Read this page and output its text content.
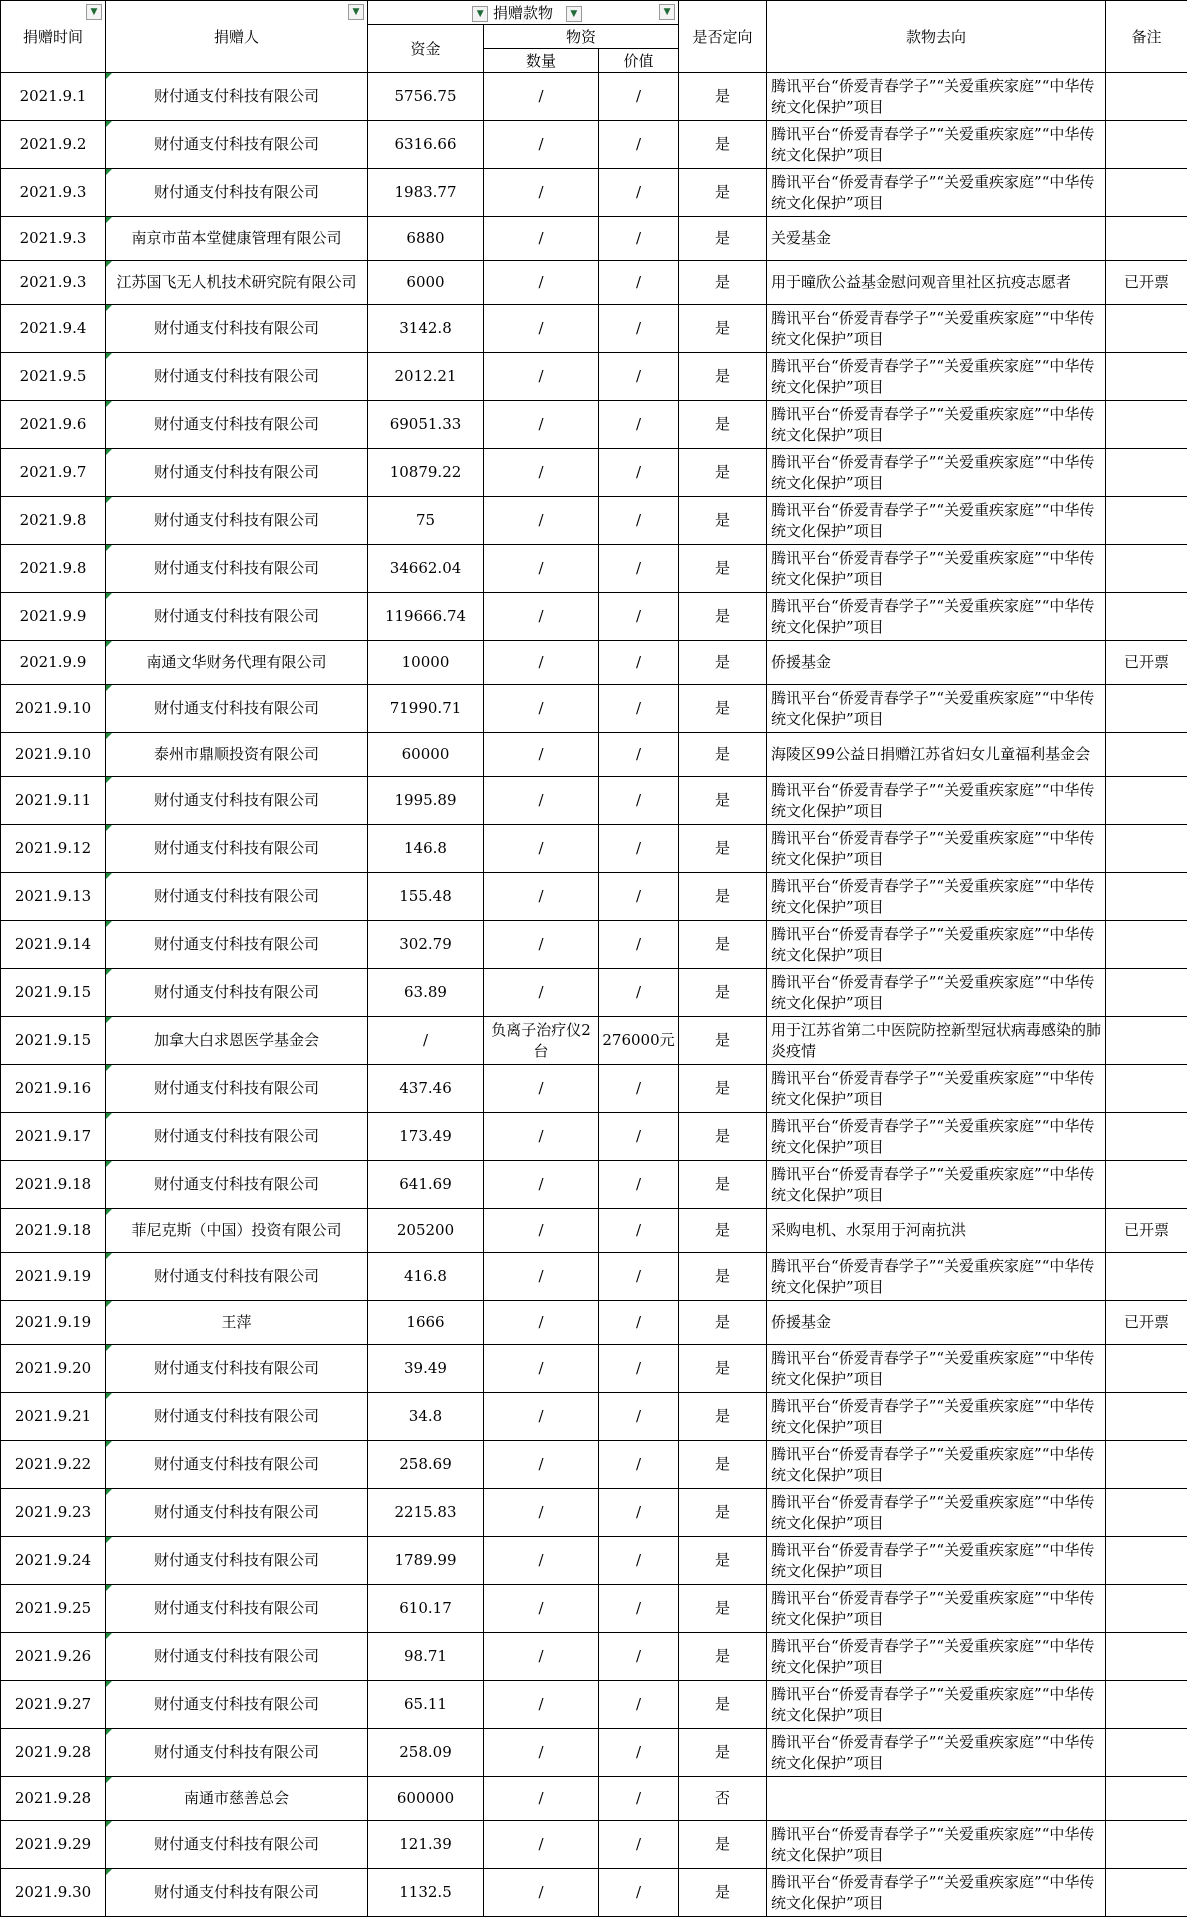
▼
捐赠时间	▼
捐赠人	▼ 捐赠款物 ▼ ▼			是否定向	款物去向	备注
		资金	物资				
			数量	价值			
2021.9.1	财付通支付科技有限公司	5756.75	/	/	是	腾讯平台“侨爱青春学子”“关爱重疾家庭”“中华传统文化保护”项目	
2021.9.2	财付通支付科技有限公司	6316.66	/	/	是	腾讯平台“侨爱青春学子”“关爱重疾家庭”“中华传统文化保护”项目	
2021.9.3	财付通支付科技有限公司	1983.77	/	/	是	腾讯平台“侨爱青春学子”“关爱重疾家庭”“中华传统文化保护”项目	
2021.9.3	南京市苗本堂健康管理有限公司	6880	/	/	是	关爱基金	
2021.9.3	江苏国飞无人机技术研究院有限公司	6000	/	/	是	用于曈欣公益基金慰问观音里社区抗疫志愿者	已开票
2021.9.4	财付通支付科技有限公司	3142.8	/	/	是	腾讯平台“侨爱青春学子”“关爱重疾家庭”“中华传统文化保护”项目	
2021.9.5	财付通支付科技有限公司	2012.21	/	/	是	腾讯平台“侨爱青春学子”“关爱重疾家庭”“中华传统文化保护”项目	
2021.9.6	财付通支付科技有限公司	69051.33	/	/	是	腾讯平台“侨爱青春学子”“关爱重疾家庭”“中华传统文化保护”项目	
2021.9.7	财付通支付科技有限公司	10879.22	/	/	是	腾讯平台“侨爱青春学子”“关爱重疾家庭”“中华传统文化保护”项目	
2021.9.8	财付通支付科技有限公司	75	/	/	是	腾讯平台“侨爱青春学子”“关爱重疾家庭”“中华传统文化保护”项目	
2021.9.8	财付通支付科技有限公司	34662.04	/	/	是	腾讯平台“侨爱青春学子”“关爱重疾家庭”“中华传统文化保护”项目	
2021.9.9	财付通支付科技有限公司	119666.74	/	/	是	腾讯平台“侨爱青春学子”“关爱重疾家庭”“中华传统文化保护”项目	
2021.9.9	南通文华财务代理有限公司	10000	/	/	是	侨援基金	已开票
2021.9.10	财付通支付科技有限公司	71990.71	/	/	是	腾讯平台“侨爱青春学子”“关爱重疾家庭”“中华传统文化保护”项目	
2021.9.10	泰州市鼎顺投资有限公司	60000	/	/	是	海陵区99公益日捐赠江苏省妇女儿童福利基金会	
2021.9.11	财付通支付科技有限公司	1995.89	/	/	是	腾讯平台“侨爱青春学子”“关爱重疾家庭”“中华传统文化保护”项目	
2021.9.12	财付通支付科技有限公司	146.8	/	/	是	腾讯平台“侨爱青春学子”“关爱重疾家庭”“中华传统文化保护”项目	
2021.9.13	财付通支付科技有限公司	155.48	/	/	是	腾讯平台“侨爱青春学子”“关爱重疾家庭”“中华传统文化保护”项目	
2021.9.14	财付通支付科技有限公司	302.79	/	/	是	腾讯平台“侨爱青春学子”“关爱重疾家庭”“中华传统文化保护”项目	
2021.9.15	财付通支付科技有限公司	63.89	/	/	是	腾讯平台“侨爱青春学子”“关爱重疾家庭”“中华传统文化保护”项目	
2021.9.15	加拿大白求恩医学基金会	/	负离子治疗仪2台	276000元	是	用于江苏省第二中医院防控新型冠状病毒感染的肺炎疫情	
2021.9.16	财付通支付科技有限公司	437.46	/	/	是	腾讯平台“侨爱青春学子”“关爱重疾家庭”“中华传统文化保护”项目	
2021.9.17	财付通支付科技有限公司	173.49	/	/	是	腾讯平台“侨爱青春学子”“关爱重疾家庭”“中华传统文化保护”项目	
2021.9.18	财付通支付科技有限公司	641.69	/	/	是	腾讯平台“侨爱青春学子”“关爱重疾家庭”“中华传统文化保护”项目	
2021.9.18	菲尼克斯（中国）投资有限公司	205200	/	/	是	采购电机、水泵用于河南抗洪	已开票
2021.9.19	财付通支付科技有限公司	416.8	/	/	是	腾讯平台“侨爱青春学子”“关爱重疾家庭”“中华传统文化保护”项目	
2021.9.19	王萍	1666	/	/	是	侨援基金	已开票
2021.9.20	财付通支付科技有限公司	39.49	/	/	是	腾讯平台“侨爱青春学子”“关爱重疾家庭”“中华传统文化保护”项目	
2021.9.21	财付通支付科技有限公司	34.8	/	/	是	腾讯平台“侨爱青春学子”“关爱重疾家庭”“中华传统文化保护”项目	
2021.9.22	财付通支付科技有限公司	258.69	/	/	是	腾讯平台“侨爱青春学子”“关爱重疾家庭”“中华传统文化保护”项目	
2021.9.23	财付通支付科技有限公司	2215.83	/	/	是	腾讯平台“侨爱青春学子”“关爱重疾家庭”“中华传统文化保护”项目	
2021.9.24	财付通支付科技有限公司	1789.99	/	/	是	腾讯平台“侨爱青春学子”“关爱重疾家庭”“中华传统文化保护”项目	
2021.9.25	财付通支付科技有限公司	610.17	/	/	是	腾讯平台“侨爱青春学子”“关爱重疾家庭”“中华传统文化保护”项目	
2021.9.26	财付通支付科技有限公司	98.71	/	/	是	腾讯平台“侨爱青春学子”“关爱重疾家庭”“中华传统文化保护”项目	
2021.9.27	财付通支付科技有限公司	65.11	/	/	是	腾讯平台“侨爱青春学子”“关爱重疾家庭”“中华传统文化保护”项目	
2021.9.28	财付通支付科技有限公司	258.09	/	/	是	腾讯平台“侨爱青春学子”“关爱重疾家庭”“中华传统文化保护”项目	
2021.9.28	南通市慈善总会	600000	/	/	否		
2021.9.29	财付通支付科技有限公司	121.39	/	/	是	腾讯平台“侨爱青春学子”“关爱重疾家庭”“中华传统文化保护”项目	
2021.9.30	财付通支付科技有限公司	1132.5	/	/	是	腾讯平台“侨爱青春学子”“关爱重疾家庭”“中华传统文化保护”项目	
